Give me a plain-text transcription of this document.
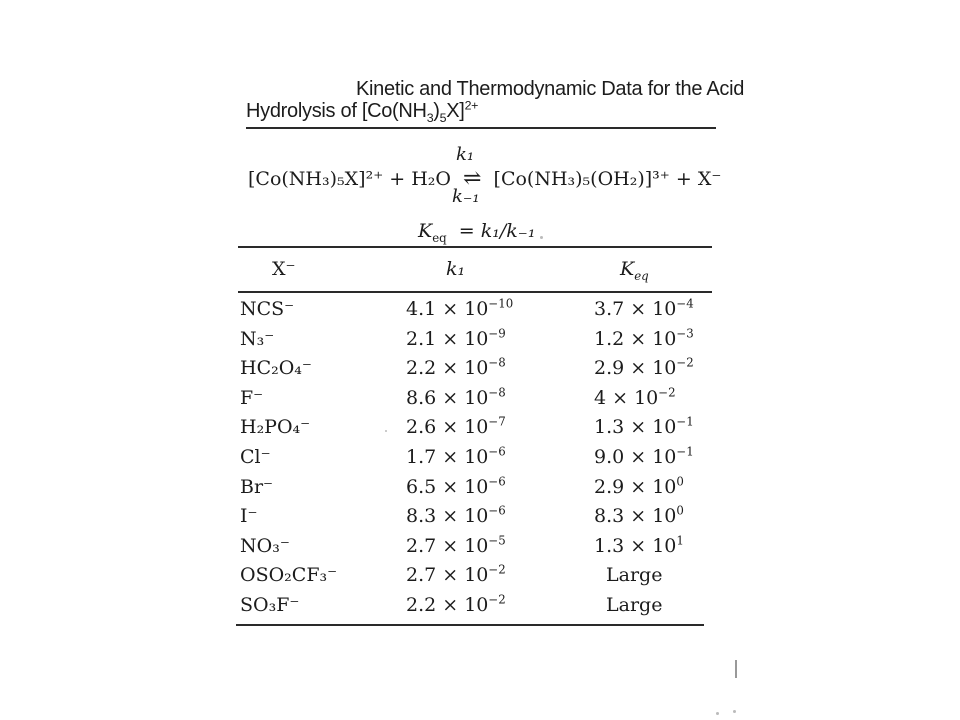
Kinetic and Thermodynamic Data for the Acid
Hydrolysis of $[Co(NH_3)_5X]^{2+}$
k₁
[Co(NH₃)₅X]²⁺ + H₂O ⇌ [Co(NH₃)₅(OH₂)]³⁺ + X⁻
k₋₁
$K_{eq} = k_1/k_{-1}$
X⁻	k₁	$K_{eq}$
NCS⁻	$4.1 \times 10^{-10}$	$3.7 \times 10^{-4}$
N₃⁻	$2.1 \times 10^{-9}$	$1.2 \times 10^{-3}$
HC₂O₄⁻	$2.2 \times 10^{-8}$	$2.9 \times 10^{-2}$
F⁻	$8.6 \times 10^{-8}$	$4 \times 10^{-2}$
H₂PO₄⁻	$2.6 \times 10^{-7}$	$1.3 \times 10^{-1}$
Cl⁻	$1.7 \times 10^{-6}$	$9.0 \times 10^{-1}$
Br⁻	$6.5 \times 10^{-6}$	$2.9 \times 10^0$
I⁻	$8.3 \times 10^{-6}$	$8.3 \times 10^0$
NO₃⁻	$2.7 \times 10^{-5}$	$1.3 \times 10^1$
OSO₂CF₃⁻	$2.7 \times 10^{-2}$	Large
SO₃F⁻	$2.2 \times 10^{-2}$	Large
